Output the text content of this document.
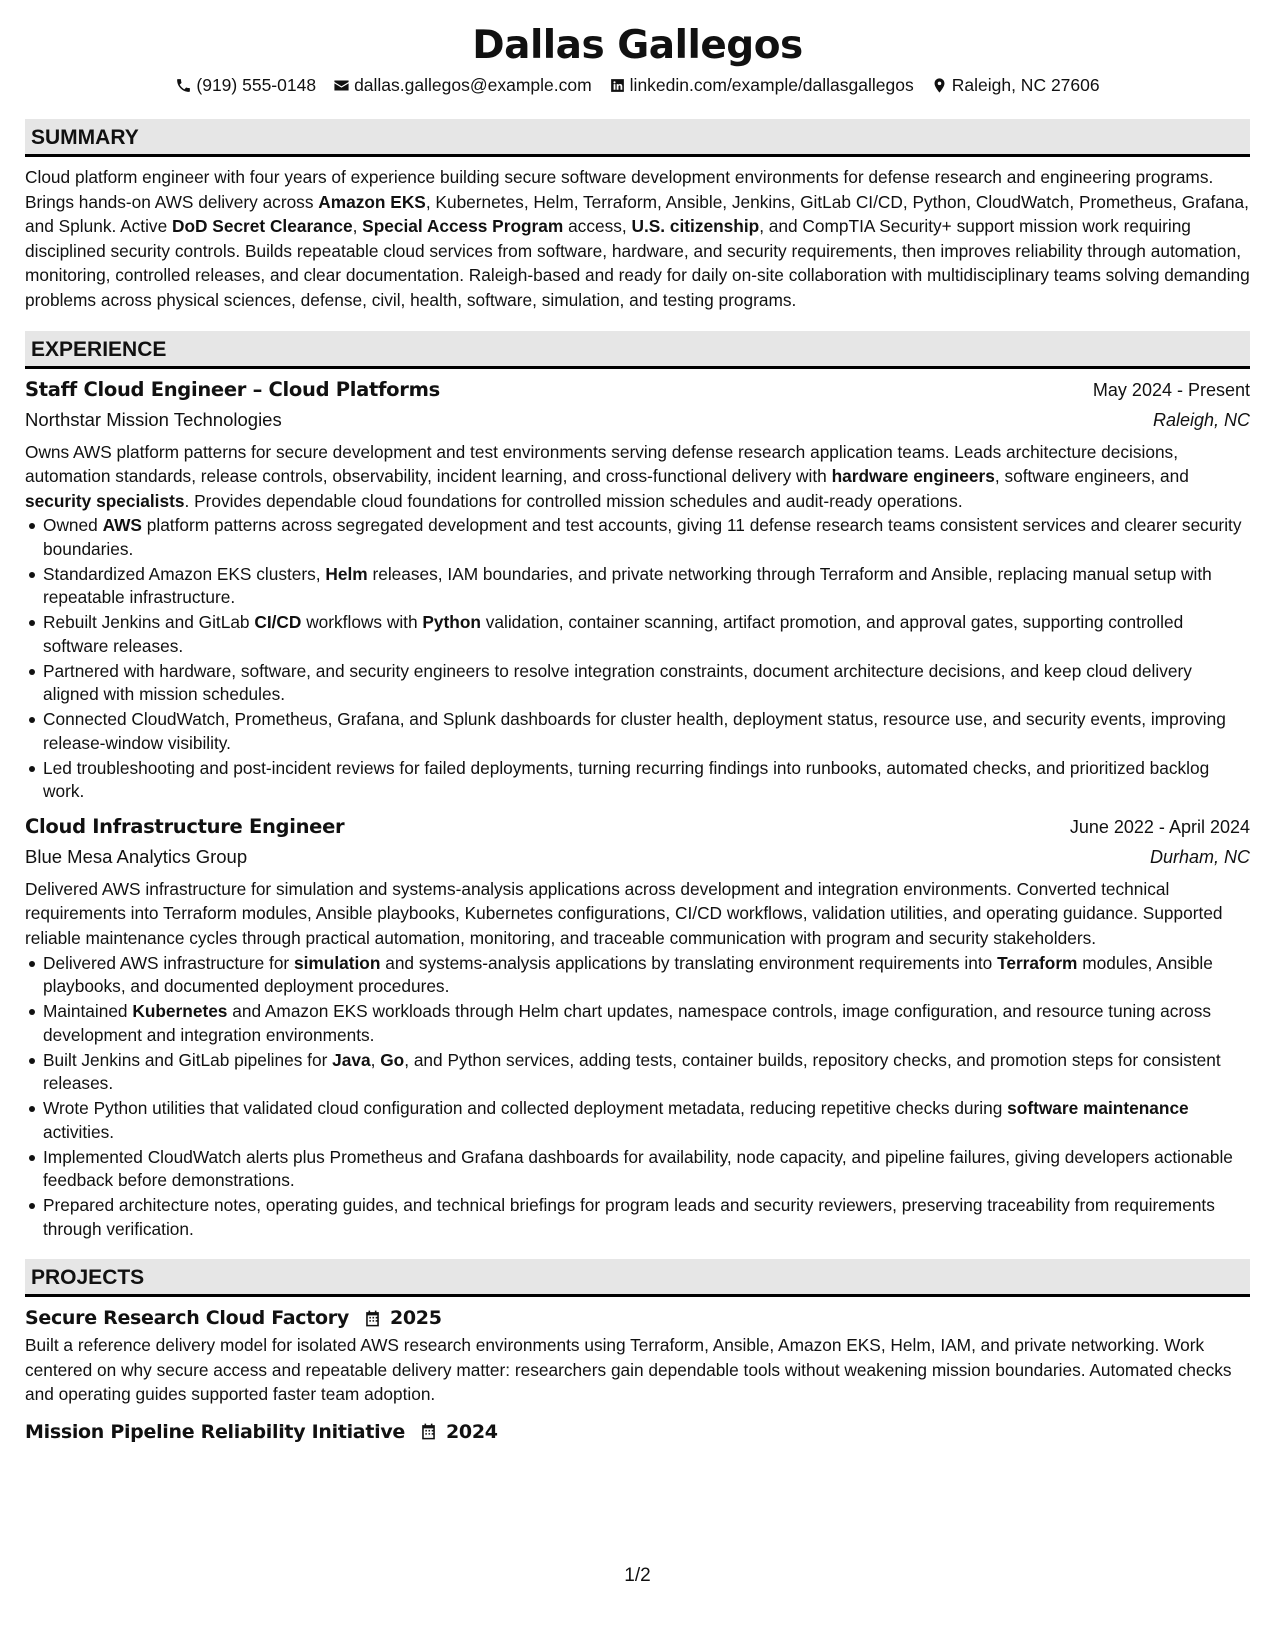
Dallas Gallegos
(919) 555-0148 dallas.gallegos@example.com linkedin.com/example/dallasgallegos Raleigh, NC 27606
SUMMARY
Cloud platform engineer with four years of experience building secure software development environments for defense research and engineering programs. Brings hands-on AWS delivery across Amazon EKS, Kubernetes, Helm, Terraform, Ansible, Jenkins, GitLab CI/CD, Python, CloudWatch, Prometheus, Grafana, and Splunk. Active DoD Secret Clearance, Special Access Program access, U.S. citizenship, and CompTIA Security+ support mission work requiring disciplined security controls. Builds repeatable cloud services from software, hardware, and security requirements, then improves reliability through automation, monitoring, controlled releases, and clear documentation. Raleigh-based and ready for daily on-site collaboration with multidisciplinary teams solving demanding problems across physical sciences, defense, civil, health, software, simulation, and testing programs.
EXPERIENCE
Staff Cloud Engineer – Cloud Platforms	May 2024 - Present
Northstar Mission Technologies	Raleigh, NC
Owns AWS platform patterns for secure development and test environments serving defense research application teams. Leads architecture decisions, automation standards, release controls, observability, incident learning, and cross-functional delivery with hardware engineers, software engineers, and security specialists. Provides dependable cloud foundations for controlled mission schedules and audit-ready operations.
Owned AWS platform patterns across segregated development and test accounts, giving 11 defense research teams consistent services and clearer security boundaries.
Standardized Amazon EKS clusters, Helm releases, IAM boundaries, and private networking through Terraform and Ansible, replacing manual setup with repeatable infrastructure.
Rebuilt Jenkins and GitLab CI/CD workflows with Python validation, container scanning, artifact promotion, and approval gates, supporting controlled software releases.
Partnered with hardware, software, and security engineers to resolve integration constraints, document architecture decisions, and keep cloud delivery aligned with mission schedules.
Connected CloudWatch, Prometheus, Grafana, and Splunk dashboards for cluster health, deployment status, resource use, and security events, improving release-window visibility.
Led troubleshooting and post-incident reviews for failed deployments, turning recurring findings into runbooks, automated checks, and prioritized backlog work.
Cloud Infrastructure Engineer	June 2022 - April 2024
Blue Mesa Analytics Group	Durham, NC
Delivered AWS infrastructure for simulation and systems-analysis applications across development and integration environments. Converted technical requirements into Terraform modules, Ansible playbooks, Kubernetes configurations, CI/CD workflows, validation utilities, and operating guidance. Supported reliable maintenance cycles through practical automation, monitoring, and traceable communication with program and security stakeholders.
Delivered AWS infrastructure for simulation and systems-analysis applications by translating environment requirements into Terraform modules, Ansible playbooks, and documented deployment procedures.
Maintained Kubernetes and Amazon EKS workloads through Helm chart updates, namespace controls, image configuration, and resource tuning across development and integration environments.
Built Jenkins and GitLab pipelines for Java, Go, and Python services, adding tests, container builds, repository checks, and promotion steps for consistent releases.
Wrote Python utilities that validated cloud configuration and collected deployment metadata, reducing repetitive checks during software maintenance activities.
Implemented CloudWatch alerts plus Prometheus and Grafana dashboards for availability, node capacity, and pipeline failures, giving developers actionable feedback before demonstrations.
Prepared architecture notes, operating guides, and technical briefings for program leads and security reviewers, preserving traceability from requirements through verification.
PROJECTS
Secure Research Cloud Factory 2025
Built a reference delivery model for isolated AWS research environments using Terraform, Ansible, Amazon EKS, Helm, IAM, and private networking. Work centered on why secure access and repeatable delivery matter: researchers gain dependable tools without weakening mission boundaries. Automated checks and operating guides supported faster team adoption.
Mission Pipeline Reliability Initiative 2024
1/2
